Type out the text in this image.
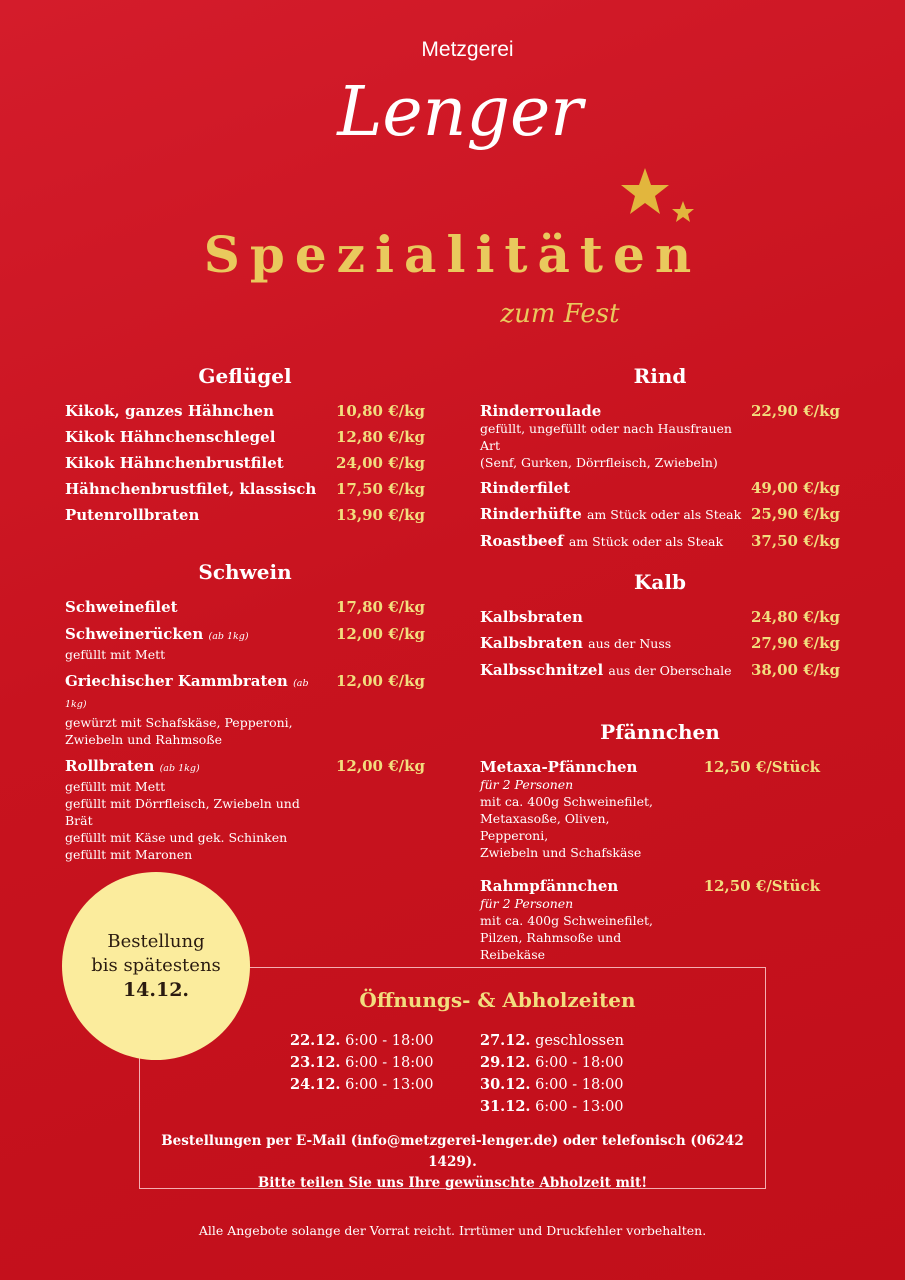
Metzgerei
Lenger
Spezialitäten
zum Fest
Geflügel
Kikok, ganzes Hähnchen	10,80 €/kg
Kikok Hähnchenschlegel	12,80 €/kg
Kikok Hähnchenbrustfilet	24,00 €/kg
Hähnchenbrustfilet, klassisch	17,50 €/kg
Putenrollbraten	13,90 €/kg
Schwein
Schweinefilet	17,80 €/kg
Schweinerücken (ab 1kg)
gefüllt mit Mett
12,00 €/kg
Griechischer Kammbraten (ab 1kg)
gewürzt mit Schafskäse, Pepperoni,
Zwiebeln und Rahmsoße
12,00 €/kg
Rollbraten (ab 1kg)
gefüllt mit Mett
gefüllt mit Dörrfleisch, Zwiebeln und Brät
gefüllt mit Käse und gek. Schinken
gefüllt mit Maronen
12,00 €/kg
Rind
Rinderroulade
gefüllt, ungefüllt oder nach Hausfrauen Art
(Senf, Gurken, Dörrfleisch, Zwiebeln)
22,90 €/kg
Rinderfilet	49,00 €/kg
Rinderhüfte am Stück oder als Steak 25,90 €/kg
Roastbeef am Stück oder als Steak	37,50 €/kg
Kalb
Kalbsbraten	24,80 €/kg
Kalbsbraten aus der Nuss	27,90 €/kg
Kalbsschnitzel aus der Oberschale	38,00 €/kg
Pfännchen
Metaxa-Pfännchen
für 2 Personen
mit ca. 400g Schweinefilet,
Metaxasoße, Oliven, Pepperoni,
Zwiebeln und Schafskäse
12,50 €/Stück
Rahmpfännchen
für 2 Personen
mit ca. 400g Schweinefilet,
Pilzen, Rahmsoße und Reibekäse
12,50 €/Stück
Öffnungs- & Abholzeiten
22.12. 6:00 - 18:00
23.12. 6:00 - 18:00
24.12. 6:00 - 13:00
27.12. geschlossen
29.12. 6:00 - 18:00
30.12. 6:00 - 18:00
31.12. 6:00 - 13:00
Bestellungen per E-Mail (info@metzgerei-lenger.de) oder telefonisch (06242 1429).
Bitte teilen Sie uns Ihre gewünschte Abholzeit mit!
Bestellung
bis spätestens
14.12.
Alle Angebote solange der Vorrat reicht. Irrtümer und Druckfehler vorbehalten.
